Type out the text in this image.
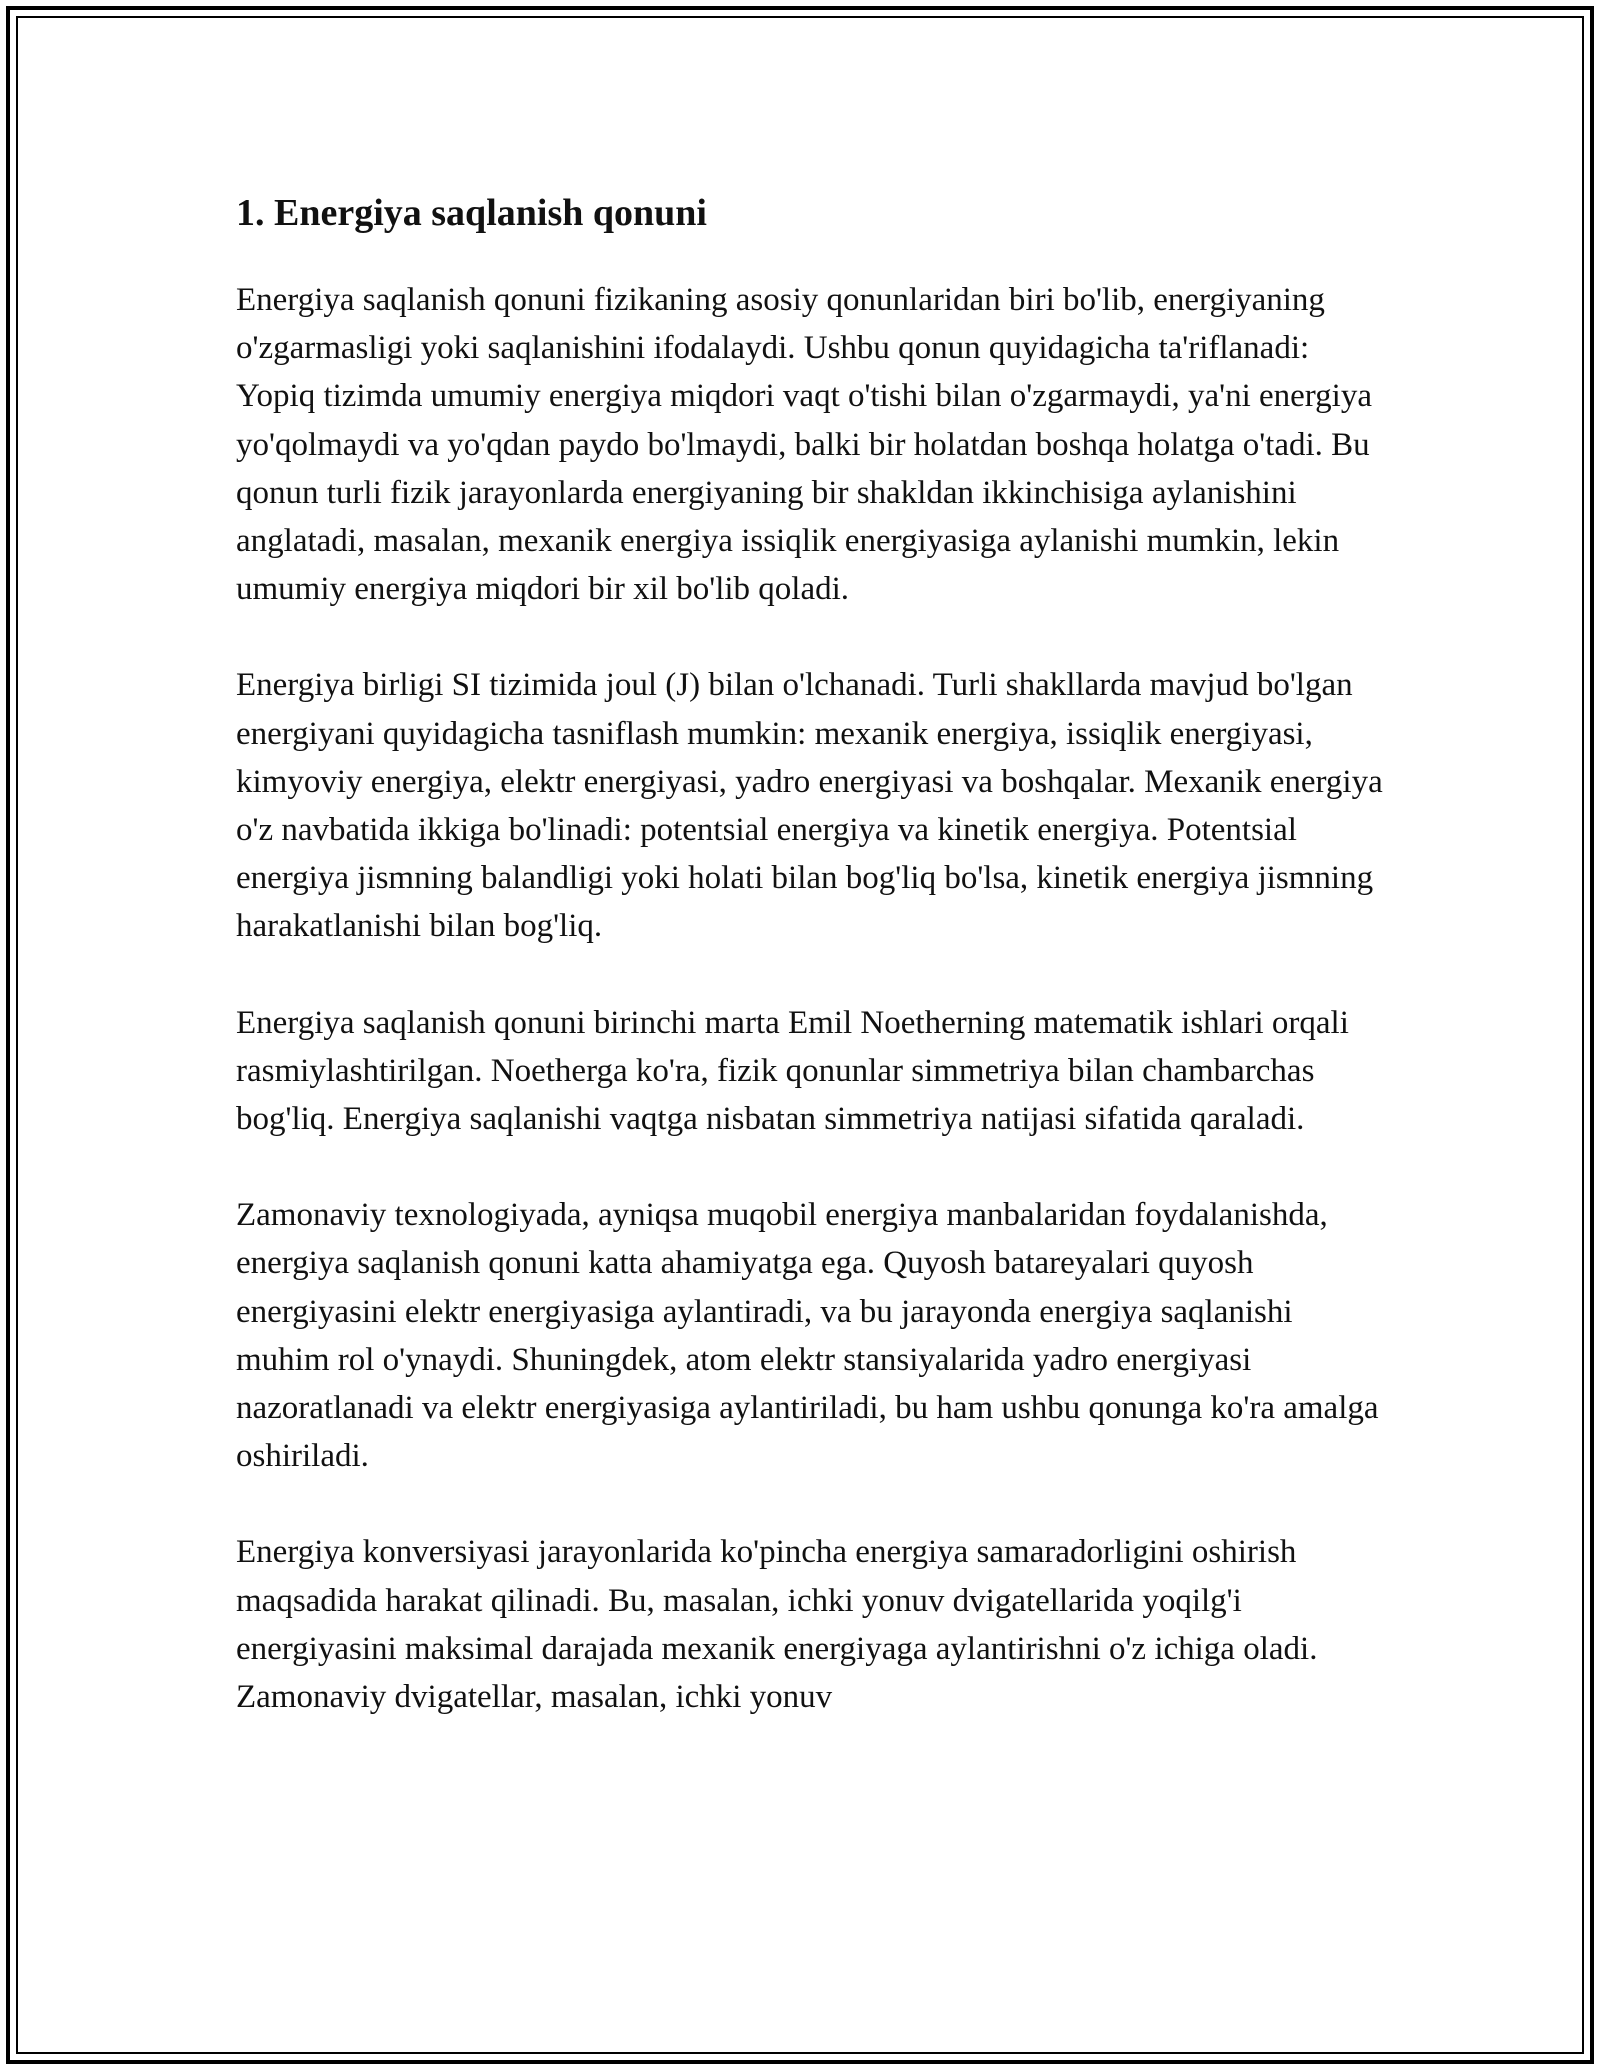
1. Energiya saqlanish qonuni

Energiya saqlanish qonuni fizikaning asosiy qonunlaridan biri bo'lib, energiyaning o'zgarmasligi yoki saqlanishini ifodalaydi. Ushbu qonun quyidagicha ta'riflanadi: Yopiq tizimda umumiy energiya miqdori vaqt o'tishi bilan o'zgarmaydi, ya'ni energiya yo'qolmaydi va yo'qdan paydo bo'lmaydi, balki bir holatdan boshqa holatga o'tadi. Bu qonun turli fizik jarayonlarda energiyaning bir shakldan ikkinchisiga aylanishini anglatadi, masalan, mexanik energiya issiqlik energiyasiga aylanishi mumkin, lekin umumiy energiya miqdori bir xil bo'lib qoladi.

Energiya birligi SI tizimida joul (J) bilan o'lchanadi. Turli shakllarda mavjud bo'lgan energiyani quyidagicha tasniflash mumkin: mexanik energiya, issiqlik energiyasi, kimyoviy energiya, elektr energiyasi, yadro energiyasi va boshqalar. Mexanik energiya o'z navbatida ikkiga bo'linadi: potentsial energiya va kinetik energiya. Potentsial energiya jismning balandligi yoki holati bilan bog'liq bo'lsa, kinetik energiya jismning harakatlanishi bilan bog'liq.

Energiya saqlanish qonuni birinchi marta Emil Noetherning matematik ishlari orqali rasmiylashtirilgan. Noetherga ko'ra, fizik qonunlar simmetriya bilan chambarchas bog'liq. Energiya saqlanishi vaqtga nisbatan simmetriya natijasi sifatida qaraladi.

Zamonaviy texnologiyada, ayniqsa muqobil energiya manbalaridan foydalanishda, energiya saqlanish qonuni katta ahamiyatga ega. Quyosh batareyalari quyosh energiyasini elektr energiyasiga aylantiradi, va bu jarayonda energiya saqlanishi muhim rol o'ynaydi. Shuningdek, atom elektr stansiyalarida yadro energiyasi nazoratlanadi va elektr energiyasiga aylantiriladi, bu ham ushbu qonunga ko'ra amalga oshiriladi.

Energiya konversiyasi jarayonlarida ko'pincha energiya samaradorligini oshirish maqsadida harakat qilinadi. Bu, masalan, ichki yonuv dvigatellarida yoqilg'i energiyasini maksimal darajada mexanik energiyaga aylantirishni o'z ichiga oladi. Zamonaviy dvigatellar, masalan, ichki yonuv
